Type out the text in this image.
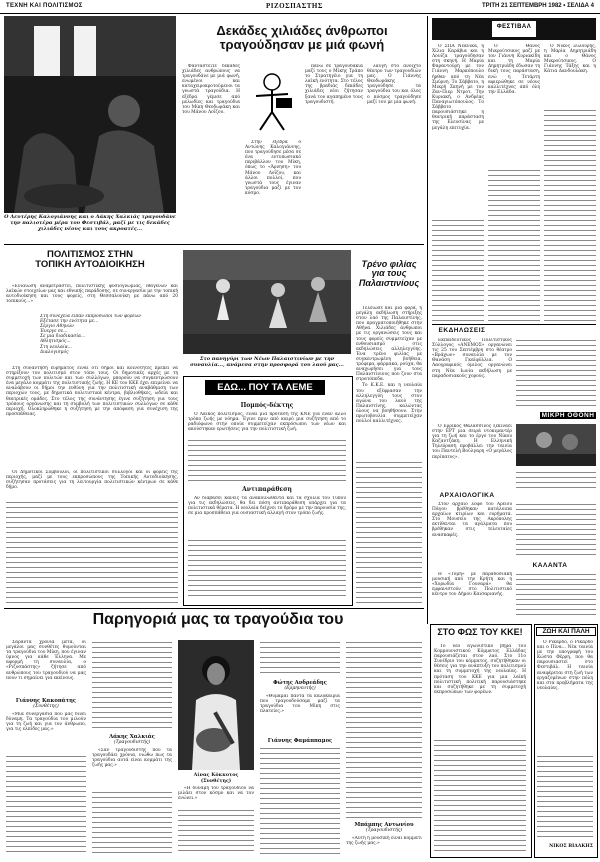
ΤΕΧΝΗ ΚΑΙ ΠΟΛΙΤΙΣΜΟΣ	ΡΙΖΟΣΠΑΣΤΗΣ	ΤΡΙΤΗ 21 ΣΕΠΤΕΜΒΡΗ 1982 • ΣΕΛΙΔΑ 4
Ο Λευτέρης Καλογιάννης και ο Λάκης Χαλκιάς τραγουδάνε την παλιοτέρα μέρα του Φεστιβάλ, μαζί με τις δεκάδες χιλιάδες νέους και τους ακροατές...
Δεκάδες χιλιάδες άνθρωποι τραγούδησαν με μιά φωνή

Φανταστείτε δεκάδες χιλιάδες ανθρώπους να τραγουδάνε με μιά φωνή, ενωμένοι και καταχειροκροτούμενοι τα γνωστά τραγούδια. Η εξέδρα γέμισε από μελωδίες και τραγούδια του Μίκη Θεοδωράκη και του Μάνου Λοΐζου.

Στην εξέδρα ο Αντώνης Καλογιάννης, που τραγούδησε μέσα σε ένα εντυπωσιακό περιβάλλον του Μίκη, όπως το «Άρνηση» του Μάνου Λοΐζου, και άλλοι πολλοί, που γνωστά τους έγιναν τραγούδια μαζί με τον κόσμο.

πάνω σε τραγουδάκια μαζί τους ο Μίκης Τράπο το Στρατηγέιο για τη λαϊκή ενότητα. Στο τέλος της βραδιάς δεκάδες χιλιάδες νέοι ζήτησαν ξανά τον αγαπημένο τους τραγουδιστή.

λαυγή στο ανοιχτό θέατρο των τραγουδιών μας. Ο Γιάννης Θεοδωράκης τραγούδησε τα τραγούδια του και όλος ο κόσμος τραγούδησε μαζί του με μία φωνή.

ΠΟΛΙΤΙΣΜΟΣ ΣΤΗΝ ΤΟΠΙΚΗ ΑΥΤΟΔΙΟΙΚΗΣΗ

«Ενιαίωση αναμετραστεί, πολιτιστικής φυσιογνωμίας, ιθαγενών και λαϊκών στοιχείων μας και εθνικής παράδοσης, σε συνεργασία με την τοπική αυτοδιοίκηση και τους φορείς, στη Θεσσαλονίκη με πάνω από 20 τοπικούς...»

Στη συνέχεια είπαν εκπροσώποι των φορέων
Εξέτασε την ενότητα με...
Σέργιο Αθηνών
Ένεργε σε...
Σε μια διαδικασία...
Αθλητισμός...
Στη νεολαία...
Διαλογισμός

Στη συνάντηση ευρήματος είναι ότι δήμοι και κοινότητες πρέπει να στηρίξουν τον πολιτισμό στον τόπο τους. Οι δημοτικές αρχές με τη συμμετοχή των πολιτών και των συλλόγων, μπορούν να συγκεντρώσουν ένα μεγάλο κομμάτι της πολιτιστικής ζωής. Η ΚΕ του ΚΚΕ έχει επιμείνει να αναλάβουν οι δήμοι την ευθύνη για την πολιτιστική αναβάθμιση των περιοχών τους, με δημοτικά πολιτιστικά κέντρα, βιβλιοθήκες, ωδεία και θεατρικές ομάδες. Στο τέλος της συνάντησης έγινε συζήτηση για τους τρόπους οργάνωσης και τη συμβολή των πολιτιστικών συλλόγων σε κάθε περιοχή. Ολοκληρώθηκε η συζήτηση με την απόφαση για συνέχιση της προσπάθειας.

Οι Δημοτικοί Σύμβουλοι, οι πολιτιστικοί σύλλογοι και οι φορείς της περιοχής, μαζί με τους εκπροσώπους της Τοπικής Αυτοδιοίκησης, συζήτησαν προτάσεις για τη λειτουργία πολιτιστικών κέντρων σε κάθε δήμο.

Στο πανηγύρι των Νέων Παλαιστινίων με την συναυλία..., ανάμεσα στην προσφορά του λαού μας...
Τρένο φιλίας για τους Παλαιστινίους

Τελείωσε και μια φορά, η μεγάλη εκδήλωση στήριξης στον λαό της Παλαιστίνης, που πραγματοποιήθηκε στην Αθήνα. Χιλιάδες άνθρωποι με τις οργανώσεις τους και τους φορείς συμμετείχαν με ενθουσιασμό στις εκδηλώσεις αλληλεγγύης. Ένα τρένο φιλίας με συγκεντρωμένη βοήθεια, τρόφιμα, φάρμακα, ρούχα, θα αναχωρήσει για τους Παλαιστίνιους που ζουν στα στρατόπεδα.

Το Κ.Κ.Ε. και η νεολαία του εξέφρασαν την αλληλεγγύη τους στον αγώνα του λαού της Παλαιστίνης, καλώντας όλους να βοηθήσουν. Στην πρωτοβουλία συμμετείχαν πολλοί καλλιτέχνες.

ΕΔΩ... ΠΟΥ ΤΑ ΛΕΜΕ
Πομπός-δέκτης

Ο Λαϊκός πολιτισμός, είναι μια πρόταση της ΚΝΕ για έναν άλλο τρόπο ζωής με νόημα. Έγινε πριν από καιρό μια συζήτηση από το ραδιόφωνο στην οποία συμμετείχαν εκπρόσωποι των νέων και ακούστηκαν ερωτήσεις για την πολιτιστική ζωή.

Αντιπαράθεση

Αν διαβάσει κανείς τα ανακοινωθέντα και τα σχόλια του Τύπου για τις εκδηλώσεις, θα δει πόση αντιπαράθεση υπάρχει για τα πολιτιστικά θέματα. Η νεολαία δείχνει το δρόμο με την παρουσία της, σε μια προσπάθεια για ουσιαστική αλλαγή στον τρόπο ζωής.

Παρηγοριά μας τα τραγούδια του

Σαράντα χρόνια μετά, οι μεγάλοι μας συνθέτες θυμούνται τα τραγούδια του Μίκη, που έγιναν ύμνος για κάθε Έλληνα. Με αφορμή τη συναυλία, ο «Ριζοσπάστης» ζήτησε από ανθρώπους του τραγουδιού να μας πουν τι σημαίνει για εκείνους.

Γιάννης Κακοπάτης
(Συνθέτης)

«Μια συνεργασία που μας δίνει δύναμη. Τα τραγούδια του μιλούν για τη ζωή και για τον άνθρωπο, για τις ελπίδες μας.»

Λάκης Χαλκιάς
(Τραγουδιστής)

«Σαν τραγουδιστής που τα τραγουδάει χρόνια, νιώθω πως τα τραγούδια αυτά είναι κομμάτι της ζωής μας.»

Λίνας Κόκκοτος (Συνθέτης)

«Η δύναμη του τραγουδιού να μιλάει στον κόσμο και να τον ενώνει.»

Φώτης Ανδρεάδης
(Ερμηνευτής)

«Θυμάμαι πάντα τα καλοκαίρια που τραγουδούσαμε μαζί τα τραγούδια του Μίκη στις πλατείες.»

Γιάννης Φαμάππαμος
Μπάμπης Αντωνίου
(Τραγουδιστής)

«Αυτή η μουσική είναι κομμάτι της ζωής μας.»

ΦΕΣΤΙΒΑΛ

Ο ΣΠΑ Νεανικά, η Χίλια Καράβια και η Λουίζα τραγούδησαν στη σκηνή. Η Μαρία Φαραντούρη με τον Γιάννη Μαρκόπουλο ήρθαν από τη Νέα Σμύρνη. Το Σάββατο, η Μικρή Σκηνή με τον Ζαν-Πιερ Ντροτ. Την Κυριακή, ο Ανδρέας Παναγιωτόπουλος. Το Σάββατο παρουσιάστηκε η θεατρική παράσταση της Ελευσίνας με μεγάλη επιτυχία.

Ο Θάνος Μικρούτσικος μαζί με τον Γιάννη Κυριακίδη και τη Μαρία Δημητριάδη έδωσαν τη δική τους παράσταση, ενώ η Τετάρτη αφιερώθηκε σε νέους καλλιτέχνες από όλη την Ελλάδα.

Ο Νίκος Ξυλούρης, η Μαρία Δημητριάδη και ο Θάνος Μικρούτσικος. Ο Γιάννης Τάξης και η Κάτια Δανδουλάκη.

ΕΚΔΗΛΩΣΕΙΣ

Εκπαιδευτικός Πολιτιστικός Σύλλογος «ΑΝΕΜΟΣ» οργανώνει τις 25 του Σεπτέμβρη στο θέατρο «Βράχων» συναυλία με τον Θανάση Γκαϊφύλλια. Ο Λαογραφικός όμιλος οργανώνει στη Νέα Ιωνία εκδήλωση με παραδοσιακούς χορούς.

ΜΙΚΡΗ ΟΘΟΝΗ

Ο Ερρίκος Θαλασσινός ξεκινάει στην ΕΡΤ μια σειρά ντοκιμαντέρ για τη ζωή και το έργο του Νίκου Καζαντζάκη. Η Ελληνική Τηλεόραση προβάλλει την ταινία του Παντελή Βούλγαρη «Ο μεγάλος περίπατος».

ΑΡΧΑΙΟΛΟΓΙΚΑ

Στον αρχαίο λόφο του Αρείου Πάγου βρέθηκαν κατάλοιπα αρχαίων κτιρίων και ευρήματα. Στο Μουσείο της Ακρόπολης εκτίθενται τα αγάλματα που βρέθηκαν στις τελευταίες ανασκαφές.

ΚΑΛΑΝΤΑ

Η «Τομή» με παραδοσιακή μουσική από την Κρήτη και η «Χορωδία Γουναρά» θα εμφανιστούν στο Πολιτιστικό κέντρο του Δήμου Καισαριανής.

ΣΤΟ ΦΩΣ ΤΟΥ ΚΚΕ!

Το νέο αγωνιστικό βήμα του Κομμουνιστικού Κόμματος Ελλάδας παρουσιάζεται στον λαό. Στο 11ο Συνέδριο του κόμματος, συζητήθηκαν οι θέσεις για την ανάπτυξη του πολιτισμού και τη συμμετοχή της νεολαίας. Η πρόταση του ΚΚΕ για μια λαϊκή πολιτιστική πολιτική παρουσιάστηκε και συζητήθηκε με τη συμμετοχή εκπροσώπων των φορέων.

ΖΩΗ ΚΑΙ ΠΑΛΗ

Ο Ρικάρδο, ο Ρικάρδο και ο Πίνα... Νέα ταινία με την υπογραφή του Κώστα Φέρρη, που θα παρουσιαστεί στο Φεστιβάλ. Η ταινία αναφέρεται στη ζωή των εργαζομένων στην πόλη και στα προβλήματα της νεολαίας.

ΝΙΚΟΣ ΒΙΔΑΚΗΣ
